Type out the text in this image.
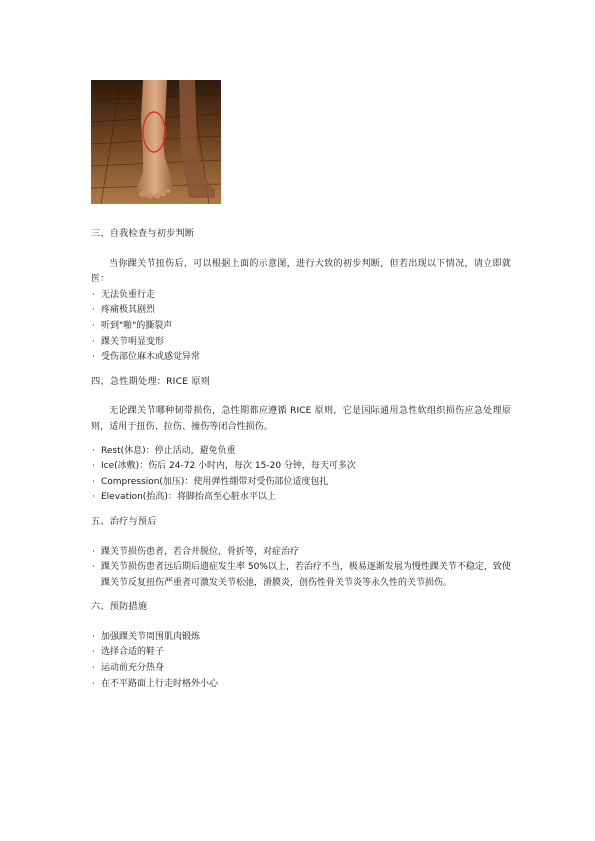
三、自我检查与初步判断

当你踝关节扭伤后，可以根据上面的示意图，进行大致的初步判断，但若出现以下情况，请立即就医：

· 无法负重行走
· 疼痛极其剧烈
· 听到"啪"的撕裂声
· 踝关节明显变形
· 受伤部位麻木或感觉异常
四、急性期处理：RICE 原则

无论踝关节哪种韧带损伤，急性期都应遵循 RICE 原则，它是国际通用急性软组织损伤应急处理原则，适用于扭伤、拉伤、撞伤等闭合性损伤。

· Rest(休息)：停止活动，避免负重
· Ice(冰敷)：伤后 24-72 小时内，每次 15-20 分钟，每天可多次
· Compression(加压)：使用弹性绷带对受伤部位适度包扎
· Elevation(抬高)：将脚抬高至心脏水平以上
五、治疗与预后
· 踝关节损伤患者，若合并脱位，骨折等，对症治疗
· 踝关节损伤患者远后期后遗症发生率 50%以上，若治疗不当，极易逐渐发展为慢性踝关节不稳定，致使踝关节反复扭伤严重者可激发关节松弛，滑膜炎，创伤性骨关节炎等永久性的关节损伤。
六、预防措施
· 加强踝关节周围肌肉锻炼
· 选择合适的鞋子
· 运动前充分热身
· 在不平路面上行走时格外小心
